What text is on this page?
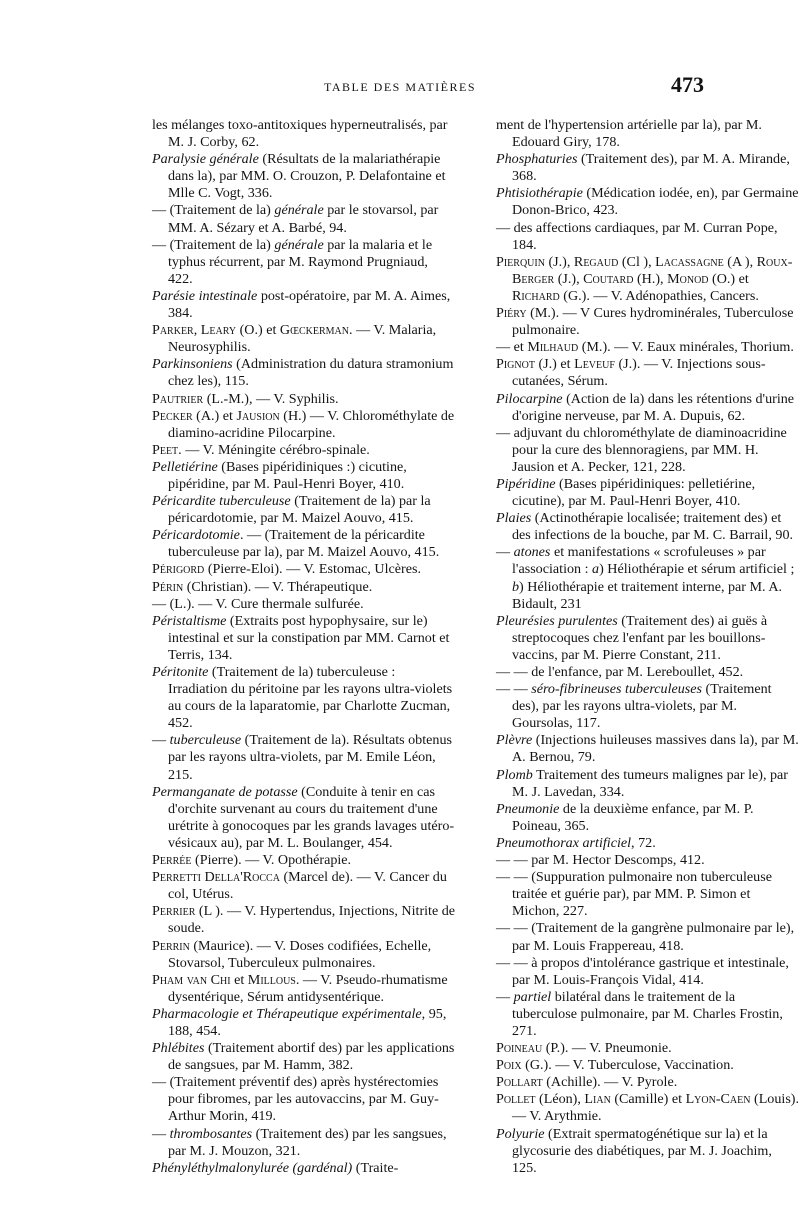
TABLE DES MATIÈRES	473

les mélanges toxo-antitoxiques hyperneutralisés, par M. J. Corby, 62.

Paralysie générale (Résultats de la malariathérapie dans la), par MM. O. Crouzon, P. Delafontaine et Mlle C. Vogt, 336.

— (Traitement de la) générale par le stovarsol, par MM. A. Sézary et A. Barbé, 94.

— (Traitement de la) générale par la malaria et le typhus récurrent, par M. Raymond Prugniaud, 422.

Parésie intestinale post-opératoire, par M. A. Aimes, 384.

Parker, Leary (O.) et Gœckerman. — V. Malaria, Neurosyphilis.

Parkinsoniens (Administration du datura stramonium chez les), 115.

Pautrier (L.-M.), — V. Syphilis.

Pecker (A.) et Jausion (H.) — V. Chlorométhylate de diamino-acridine Pilocarpine.

Peet. — V. Méningite cérébro-spinale.

Pelletiérine (Bases pipéridiniques :) cicutine, pipéridine, par M. Paul-Henri Boyer, 410.

Péricardite tuberculeuse (Traitement de la) par la péricardotomie, par M. Maizel Aouvo, 415.

Péricardotomie. — (Traitement de la péricardite tuberculeuse par la), par M. Maizel Aouvo, 415.

Périgord (Pierre-Eloi). — V. Estomac, Ulcères.

Périn (Christian). — V. Thérapeutique.

— (L.). — V. Cure thermale sulfurée.

Péristaltisme (Extraits post hypophysaire, sur le) intestinal et sur la constipation par MM. Carnot et Terris, 134.

Péritonite (Traitement de la) tuberculeuse : Irradiation du péritoine par les rayons ultra-violets au cours de la laparatomie, par Charlotte Zucman, 452.

— tuberculeuse (Traitement de la). Résultats obtenus par les rayons ultra-violets, par M. Emile Léon, 215.

Permanganate de potasse (Conduite à tenir en cas d'orchite survenant au cours du traitement d'une urétrite à gonocoques par les grands lavages utéro-vésicaux au), par M. L. Boulanger, 454.

Perrée (Pierre). — V. Opothérapie.

Perretti Della'Rocca (Marcel de). — V. Cancer du col, Utérus.

Perrier (L ). — V. Hypertendus, Injections, Nitrite de soude.

Perrin (Maurice). — V. Doses codifiées, Echelle, Stovarsol, Tuberculeux pulmonaires.

Pham van Chi et Millous. — V. Pseudo-rhumatisme dysentérique, Sérum antidysentérique.

Pharmacologie et Thérapeutique expérimentale, 95, 188, 454.

Phlébites (Traitement abortif des) par les applications de sangsues, par M. Hamm, 382.

— (Traitement préventif des) après hystérectomies pour fibromes, par les autovaccins, par M. Guy-Arthur Morin, 419.

— thrombosantes (Traitement des) par les sangsues, par M. J. Mouzon, 321.

Phényléthylmalonylurée (gardénal) (Traite-

ment de l'hypertension artérielle par la), par M. Edouard Giry, 178.

Phosphaturies (Traitement des), par M. A. Mirande, 368.

Phtisiothérapie (Médication iodée, en), par Germaine Donon-Brico, 423.

— des affections cardiaques, par M. Curran Pope, 184.

Pierquin (J.), Regaud (Cl ), Lacassagne (A ), Roux-Berger (J.), Coutard (H.), Monod (O.) et Richard (G.). — V. Adénopathies, Cancers.

Piéry (M.). — V Cures hydrominérales, Tuberculose pulmonaire.

— et Milhaud (M.). — V. Eaux minérales, Thorium.

Pignot (J.) et Leveuf (J.). — V. Injections sous-cutanées, Sérum.

Pilocarpine (Action de la) dans les rétentions d'urine d'origine nerveuse, par M. A. Dupuis, 62.

— adjuvant du chlorométhylate de diaminoacridine pour la cure des blennoragiens, par MM. H. Jausion et A. Pecker, 121, 228.

Pipéridine (Bases pipéridiniques: pelletiérine, cicutine), par M. Paul-Henri Boyer, 410.

Plaies (Actinothérapie localisée; traitement des) et des infections de la bouche, par M. C. Barrail, 90.

— atones et manifestations « scrofuleuses » par l'association : a) Héliothérapie et sérum artificiel ; b) Héliothérapie et traitement interne, par M. A. Bidault, 231

Pleurésies purulentes (Traitement des) ai guës à streptocoques chez l'enfant par les bouillons-vaccins, par M. Pierre Constant, 211.

— — de l'enfance, par M. Lereboullet, 452.

— — séro-fibrineuses tuberculeuses (Traitement des), par les rayons ultra-violets, par M. Goursolas, 117.

Plèvre (Injections huileuses massives dans la), par M. A. Bernou, 79.

Plomb Traitement des tumeurs malignes par le), par M. J. Lavedan, 334.

Pneumonie de la deuxième enfance, par M. P. Poineau, 365.

Pneumothorax artificiel, 72.

— — par M. Hector Descomps, 412.

— — (Suppuration pulmonaire non tuberculeuse traitée et guérie par), par MM. P. Simon et Michon, 227.

— — (Traitement de la gangrène pulmonaire par le), par M. Louis Frappereau, 418.

— — à propos d'intolérance gastrique et intestinale, par M. Louis-François Vidal, 414.

— partiel bilatéral dans le traitement de la tuberculose pulmonaire, par M. Charles Frostin, 271.

Poineau (P.). — V. Pneumonie.

Poix (G.). — V. Tuberculose, Vaccination.

Pollart (Achille). — V. Pyrole.

Pollet (Léon), Lian (Camille) et Lyon-Caen (Louis). — V. Arythmie.

Polyurie (Extrait spermatogénétique sur la) et la glycosurie des diabétiques, par M. J. Joachim, 125.
